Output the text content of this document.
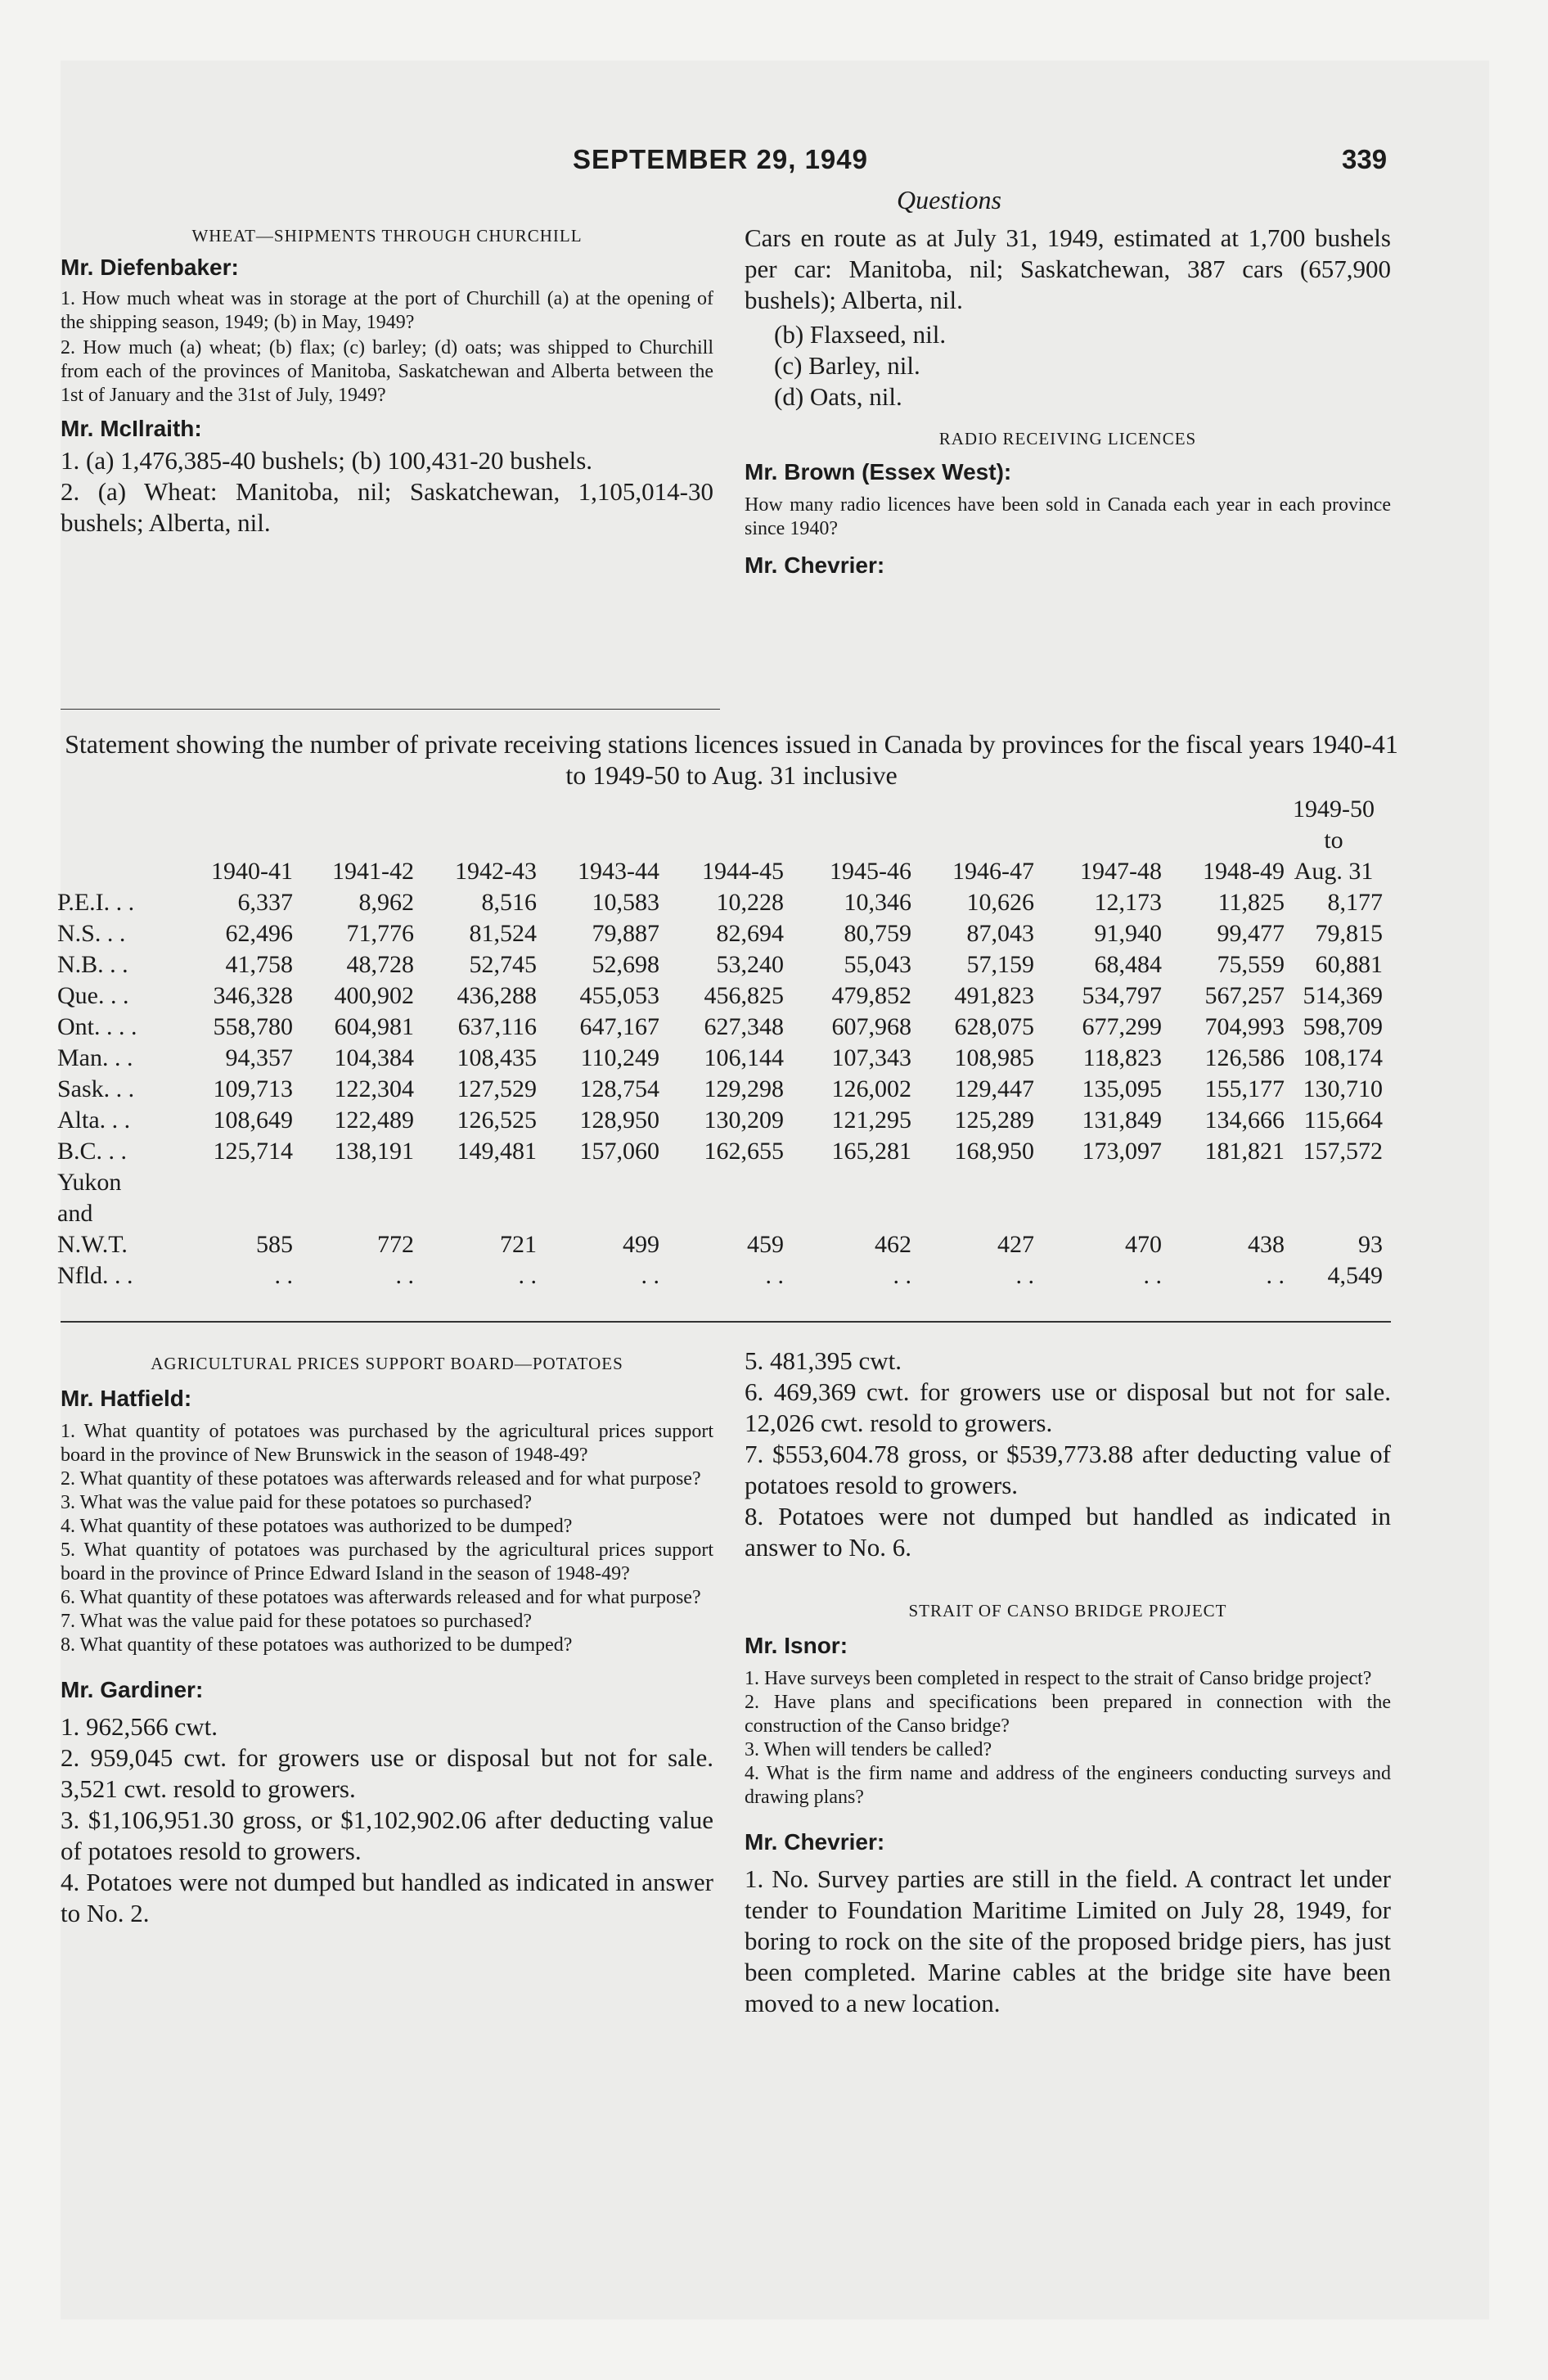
SEPTEMBER 29, 1949	339
Questions
WHEAT—SHIPMENTS THROUGH CHURCHILL

Mr. Diefenbaker:

1. How much wheat was in storage at the port of Churchill (a) at the opening of the shipping season, 1949; (b) in May, 1949?

2. How much (a) wheat; (b) flax; (c) barley; (d) oats; was shipped to Churchill from each of the provinces of Manitoba, Saskatchewan and Alberta between the 1st of January and the 31st of July, 1949?

Mr. McIlraith:

1. (a) 1,476,385-40 bushels; (b) 100,431-20 bushels.

2. (a) Wheat: Manitoba, nil; Saskatchewan, 1,105,014-30 bushels; Alberta, nil.

Cars en route as at July 31, 1949, estimated at 1,700 bushels per car: Manitoba, nil; Saskatchewan, 387 cars (657,900 bushels); Alberta, nil.

(b) Flaxseed, nil.

(c) Barley, nil.

(d) Oats, nil.

RADIO RECEIVING LICENCES

Mr. Brown (Essex West):

How many radio licences have been sold in Canada each year in each province since 1940?

Mr. Chevrier:

Statement showing the number of private receiving stations licences issued in Canada by provinces for the fiscal years 1940-41 to 1949-50 to Aug. 31 inclusive
										1949-50
										to
	1940-41	1941-42	1942-43	1943-44	1944-45	1945-46	1946-47	1947-48	1948-49	Aug. 31
P.E.I. . .	6,337	8,962	8,516	10,583	10,228	10,346	10,626	12,173	11,825	8,177
N.S. . .	62,496	71,776	81,524	79,887	82,694	80,759	87,043	91,940	99,477	79,815
N.B. . .	41,758	48,728	52,745	52,698	53,240	55,043	57,159	68,484	75,559	60,881
Que. . .	346,328	400,902	436,288	455,053	456,825	479,852	491,823	534,797	567,257	514,369
Ont. . . .	558,780	604,981	637,116	647,167	627,348	607,968	628,075	677,299	704,993	598,709
Man. . .	94,357	104,384	108,435	110,249	106,144	107,343	108,985	118,823	126,586	108,174
Sask. . .	109,713	122,304	127,529	128,754	129,298	126,002	129,447	135,095	155,177	130,710
Alta. . .	108,649	122,489	126,525	128,950	130,209	121,295	125,289	131,849	134,666	115,664
B.C. . .	125,714	138,191	149,481	157,060	162,655	165,281	168,950	173,097	181,821	157,572
Yukon										
and										
N.W.T.	585	772	721	499	459	462	427	470	438	93
Nfld. . .	. .	. .	. .	. .	. .	. .	. .	. .	. .	4,549
AGRICULTURAL PRICES SUPPORT BOARD—POTATOES

Mr. Hatfield:

1. What quantity of potatoes was purchased by the agricultural prices support board in the province of New Brunswick in the season of 1948-49?

2. What quantity of these potatoes was afterwards released and for what purpose?

3. What was the value paid for these potatoes so purchased?

4. What quantity of these potatoes was authorized to be dumped?

5. What quantity of potatoes was purchased by the agricultural prices support board in the province of Prince Edward Island in the season of 1948-49?

6. What quantity of these potatoes was afterwards released and for what purpose?

7. What was the value paid for these potatoes so purchased?

8. What quantity of these potatoes was authorized to be dumped?

Mr. Gardiner:

1. 962,566 cwt.

2. 959,045 cwt. for growers use or disposal but not for sale. 3,521 cwt. resold to growers.

3. $1,106,951.30 gross, or $1,102,902.06 after deducting value of potatoes resold to growers.

4. Potatoes were not dumped but handled as indicated in answer to No. 2.

5. 481,395 cwt.

6. 469,369 cwt. for growers use or disposal but not for sale. 12,026 cwt. resold to growers.

7. $553,604.78 gross, or $539,773.88 after deducting value of potatoes resold to growers.

8. Potatoes were not dumped but handled as indicated in answer to No. 6.

STRAIT OF CANSO BRIDGE PROJECT

Mr. Isnor:

1. Have surveys been completed in respect to the strait of Canso bridge project?

2. Have plans and specifications been prepared in connection with the construction of the Canso bridge?

3. When will tenders be called?

4. What is the firm name and address of the engineers conducting surveys and drawing plans?

Mr. Chevrier:

1. No. Survey parties are still in the field. A contract let under tender to Foundation Maritime Limited on July 28, 1949, for boring to rock on the site of the proposed bridge piers, has just been completed. Marine cables at the bridge site have been moved to a new location.
